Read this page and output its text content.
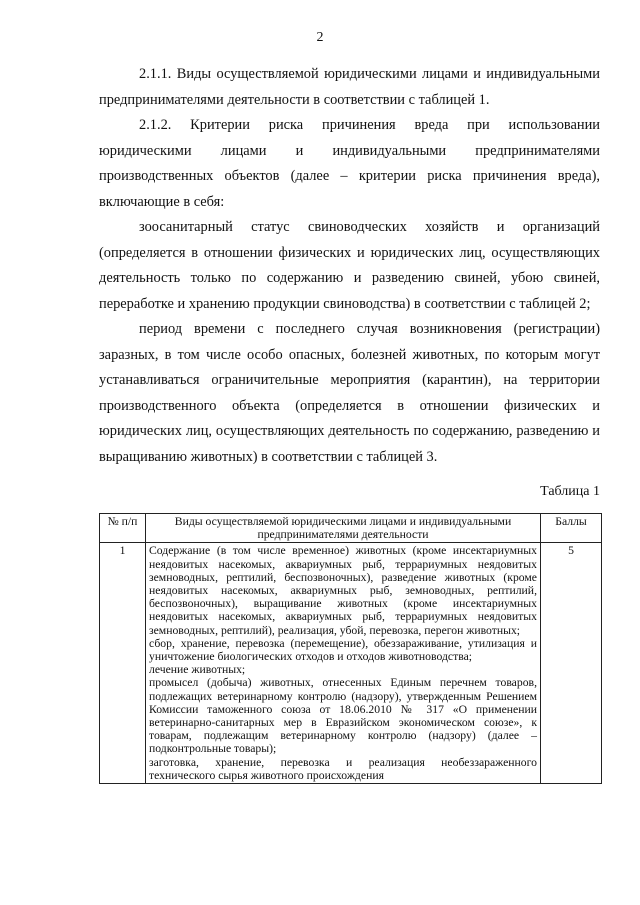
2

2.1.1. Виды осуществляемой юридическими лицами и индивидуальными предпринимателями деятельности в соответствии с таблицей 1.

2.1.2. Критерии риска причинения вреда при использовании юридическими лицами и индивидуальными предпринимателями производственных объектов (далее – критерии риска причинения вреда), включающие в себя:

зоосанитарный статус свиноводческих хозяйств и организаций (определяется в отношении физических и юридических лиц, осуществляющих деятельность только по содержанию и разведению свиней, убою свиней, переработке и хранению продукции свиноводства) в соответствии с таблицей 2;

период времени с последнего случая возникновения (регистрации) заразных, в том числе особо опасных, болезней животных, по которым могут устанавливаться ограничительные мероприятия (карантин), на территории производственного объекта (определяется в отношении физических и юридических лиц, осуществляющих деятельность по содержанию, разведению и выращиванию животных) в соответствии с таблицей 3.

Таблица 1
№ п/п	Виды осуществляемой юридическими лицами и индивидуальными предпринимателями деятельности	Баллы
1	Содержание (в том числе временное) животных (кроме инсектариумных неядовитых насекомых, аквариумных рыб, террариумных неядовитых земноводных, рептилий, беспозвоночных), разведение животных (кроме неядовитых насекомых, аквариумных рыб, земноводных, рептилий, беспозвоночных), выращивание животных (кроме инсектариумных неядовитых насекомых, аквариумных рыб, террариумных неядовитых земноводных, рептилий), реализация, убой, перевозка, перегон животных;
сбор, хранение, перевозка (перемещение), обеззараживание, утилизация и уничтожение биологических отходов и отходов животноводства;
лечение животных;
промысел (добыча) животных, отнесенных Единым перечнем товаров, подлежащих ветеринарному контролю (надзору), утвержденным Решением Комиссии таможенного союза от 18.06.2010 № 317 «О применении ветеринарно-санитарных мер в Евразийском экономическом союзе», к товарам, подлежащим ветеринарному контролю (надзору) (далее – подконтрольные товары);
заготовка, хранение, перевозка и реализация необеззараженного технического сырья животного происхождения	5
